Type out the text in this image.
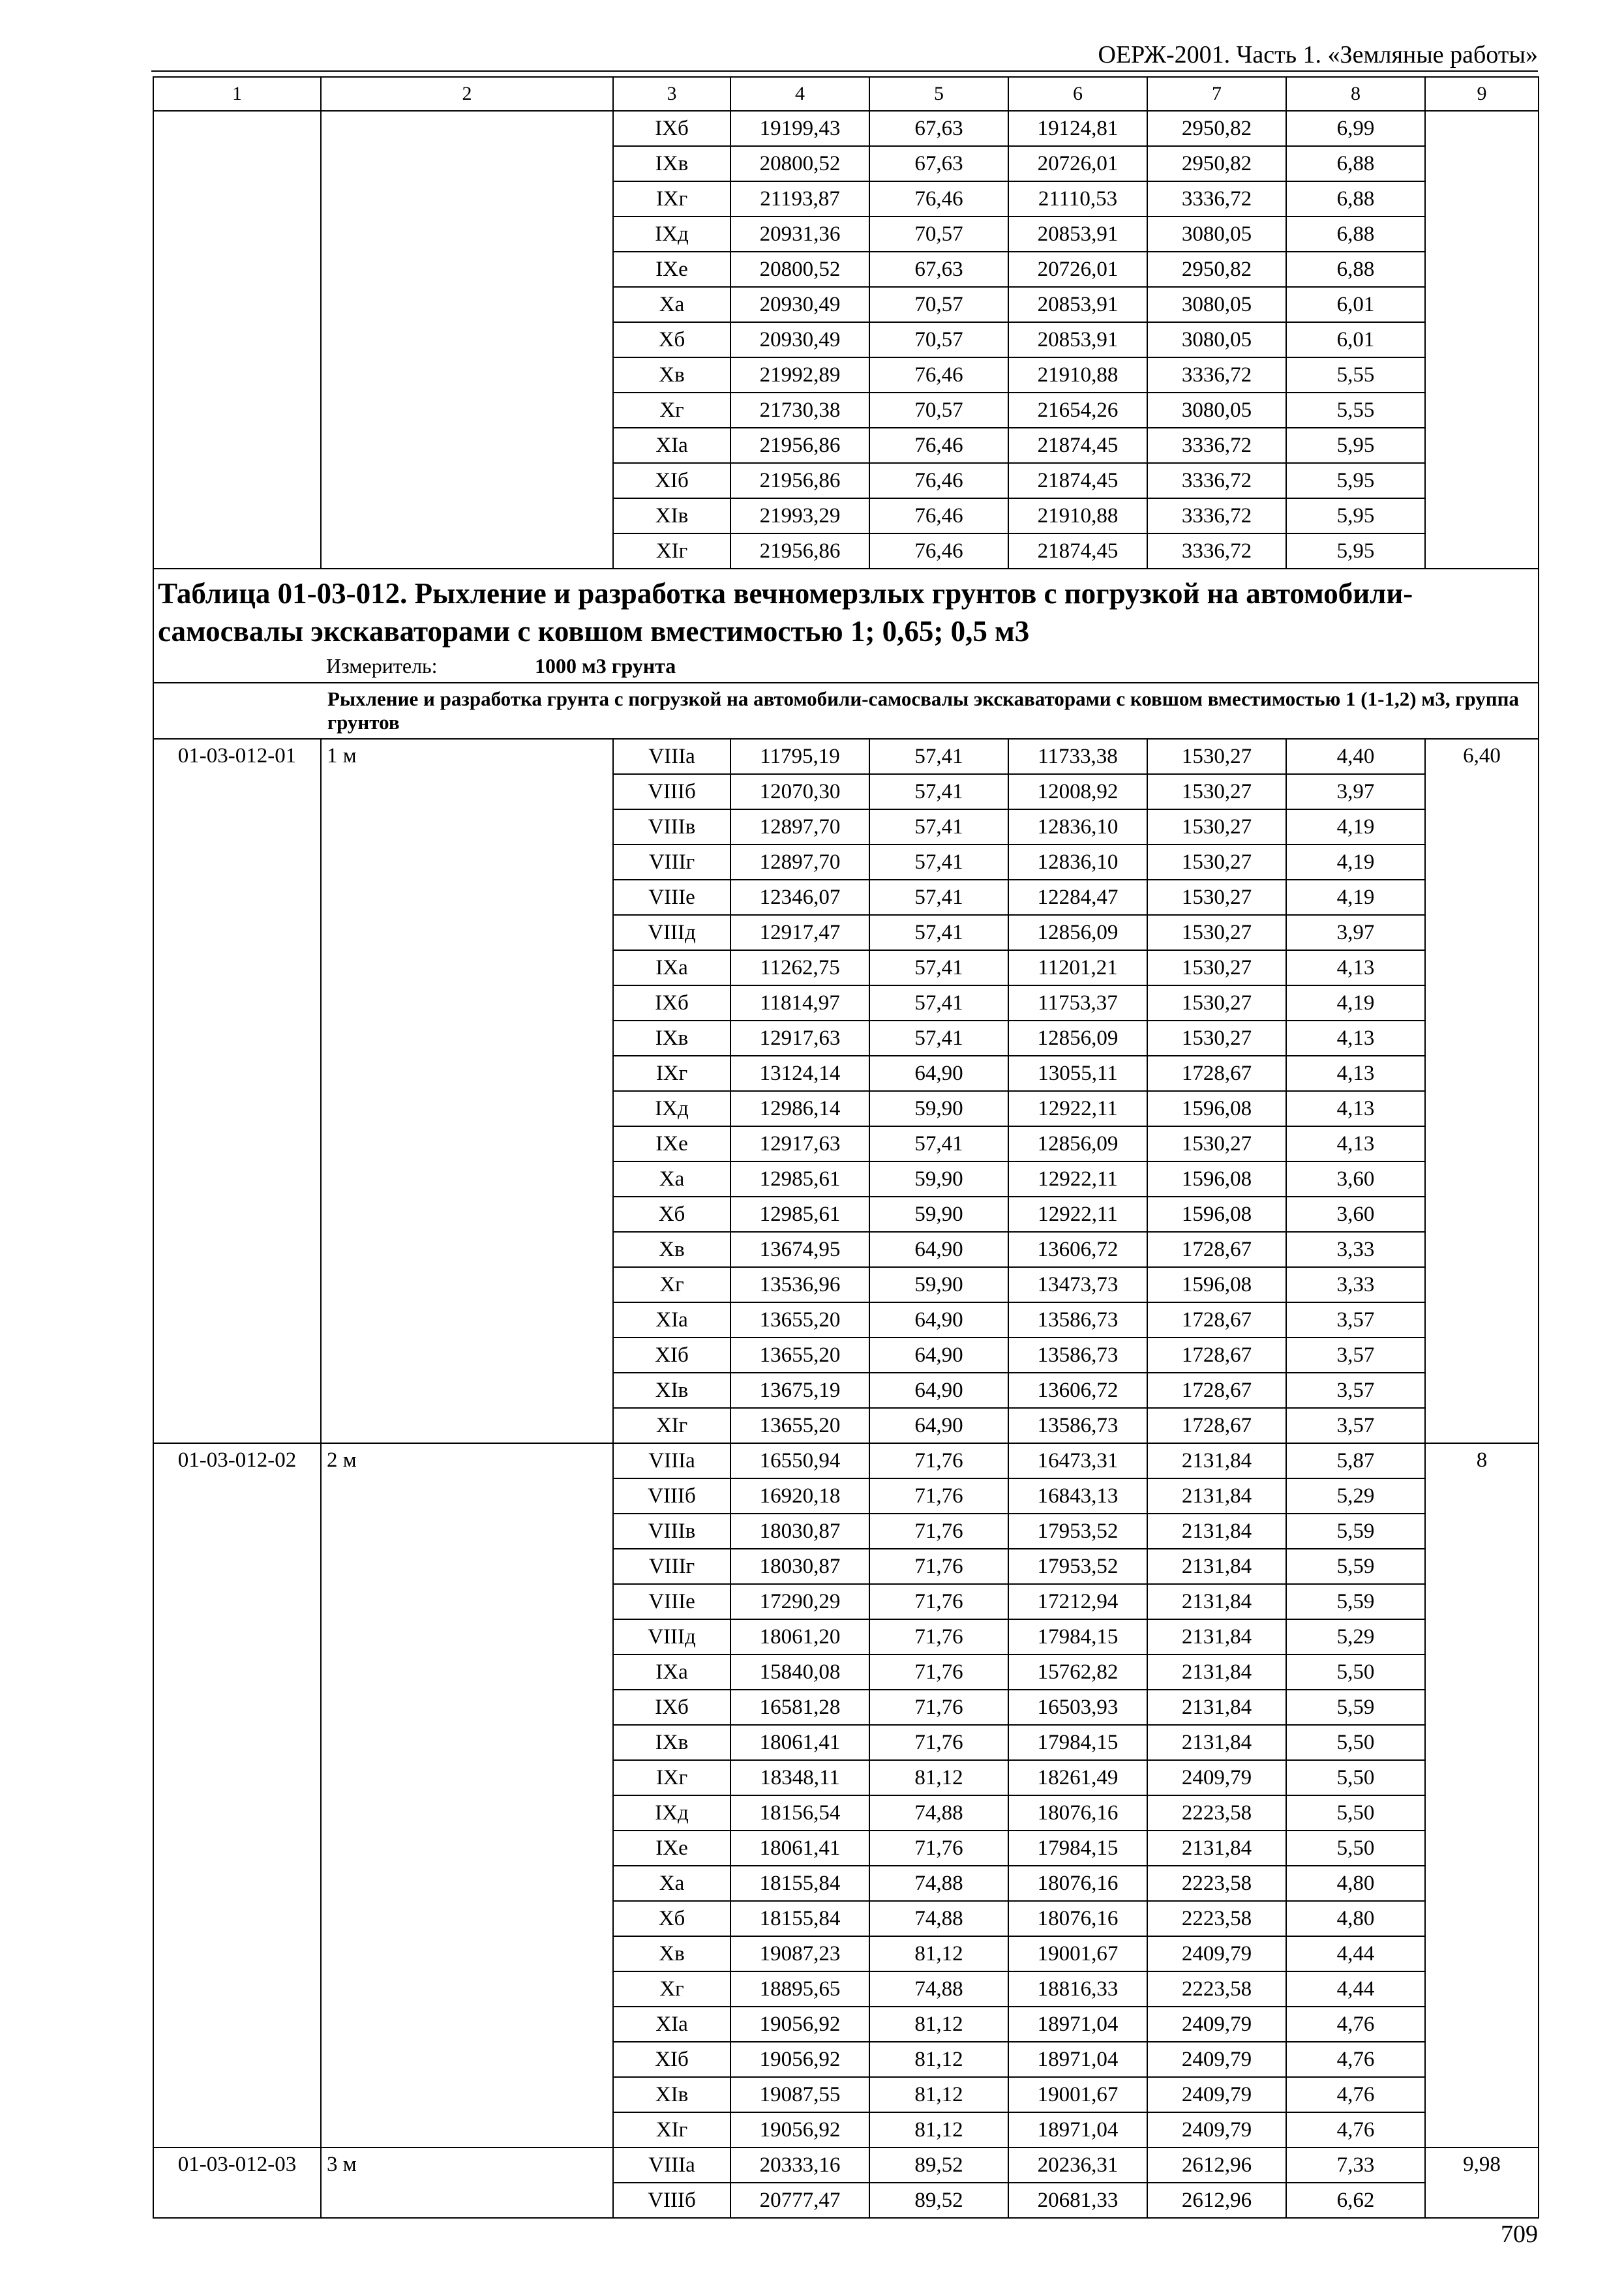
ОЕРЖ-2001. Часть 1. «Земляные работы»
1	2	3	4	5	6	7	8	9
		IXб	19199,43	67,63	19124,81	2950,82	6,99	
		IXв	20800,52	67,63	20726,01	2950,82	6,88	
		IXг	21193,87	76,46	21110,53	3336,72	6,88	
		IXд	20931,36	70,57	20853,91	3080,05	6,88	
		IXе	20800,52	67,63	20726,01	2950,82	6,88	
		Xа	20930,49	70,57	20853,91	3080,05	6,01	
		Xб	20930,49	70,57	20853,91	3080,05	6,01	
		Xв	21992,89	76,46	21910,88	3336,72	5,55	
		Xг	21730,38	70,57	21654,26	3080,05	5,55	
		XIа	21956,86	76,46	21874,45	3336,72	5,95	
		XIб	21956,86	76,46	21874,45	3336,72	5,95	
		XIв	21993,29	76,46	21910,88	3336,72	5,95	
		XIг	21956,86	76,46	21874,45	3336,72	5,95	

Таблица 01-03-012. Рыхление и разработка вечномерзлых грунтов с погрузкой на автомобили-самосвалы экскаваторами с ковшом вместимостью 1; 0,65; 0,5 м3
Измеритель: 1000 м3 грунта								

Рыхление и разработка грунта с погрузкой на автомобили-самосвалы экскаваторами с ковшом вместимостью 1 (1-1,2) м3, группа грунтов								
01-03-012-01	1 м	VIIIа	11795,19	57,41	11733,38	1530,27	4,40	6,40
		VIIIб	12070,30	57,41	12008,92	1530,27	3,97	
		VIIIв	12897,70	57,41	12836,10	1530,27	4,19	
		VIIIг	12897,70	57,41	12836,10	1530,27	4,19	
		VIIIе	12346,07	57,41	12284,47	1530,27	4,19	
		VIIIд	12917,47	57,41	12856,09	1530,27	3,97	
		IXа	11262,75	57,41	11201,21	1530,27	4,13	
		IXб	11814,97	57,41	11753,37	1530,27	4,19	
		IXв	12917,63	57,41	12856,09	1530,27	4,13	
		IXг	13124,14	64,90	13055,11	1728,67	4,13	
		IXд	12986,14	59,90	12922,11	1596,08	4,13	
		IXе	12917,63	57,41	12856,09	1530,27	4,13	
		Xа	12985,61	59,90	12922,11	1596,08	3,60	
		Xб	12985,61	59,90	12922,11	1596,08	3,60	
		Xв	13674,95	64,90	13606,72	1728,67	3,33	
		Xг	13536,96	59,90	13473,73	1596,08	3,33	
		XIа	13655,20	64,90	13586,73	1728,67	3,57	
		XIб	13655,20	64,90	13586,73	1728,67	3,57	
		XIв	13675,19	64,90	13606,72	1728,67	3,57	
		XIг	13655,20	64,90	13586,73	1728,67	3,57	
01-03-012-02	2 м	VIIIа	16550,94	71,76	16473,31	2131,84	5,87	8
		VIIIб	16920,18	71,76	16843,13	2131,84	5,29	
		VIIIв	18030,87	71,76	17953,52	2131,84	5,59	
		VIIIг	18030,87	71,76	17953,52	2131,84	5,59	
		VIIIе	17290,29	71,76	17212,94	2131,84	5,59	
		VIIIд	18061,20	71,76	17984,15	2131,84	5,29	
		IXа	15840,08	71,76	15762,82	2131,84	5,50	
		IXб	16581,28	71,76	16503,93	2131,84	5,59	
		IXв	18061,41	71,76	17984,15	2131,84	5,50	
		IXг	18348,11	81,12	18261,49	2409,79	5,50	
		IXд	18156,54	74,88	18076,16	2223,58	5,50	
		IXе	18061,41	71,76	17984,15	2131,84	5,50	
		Xа	18155,84	74,88	18076,16	2223,58	4,80	
		Xб	18155,84	74,88	18076,16	2223,58	4,80	
		Xв	19087,23	81,12	19001,67	2409,79	4,44	
		Xг	18895,65	74,88	18816,33	2223,58	4,44	
		XIа	19056,92	81,12	18971,04	2409,79	4,76	
		XIб	19056,92	81,12	18971,04	2409,79	4,76	
		XIв	19087,55	81,12	19001,67	2409,79	4,76	
		XIг	19056,92	81,12	18971,04	2409,79	4,76	
01-03-012-03	3 м	VIIIа	20333,16	89,52	20236,31	2612,96	7,33	9,98
		VIIIб	20777,47	89,52	20681,33	2612,96	6,62	
709
